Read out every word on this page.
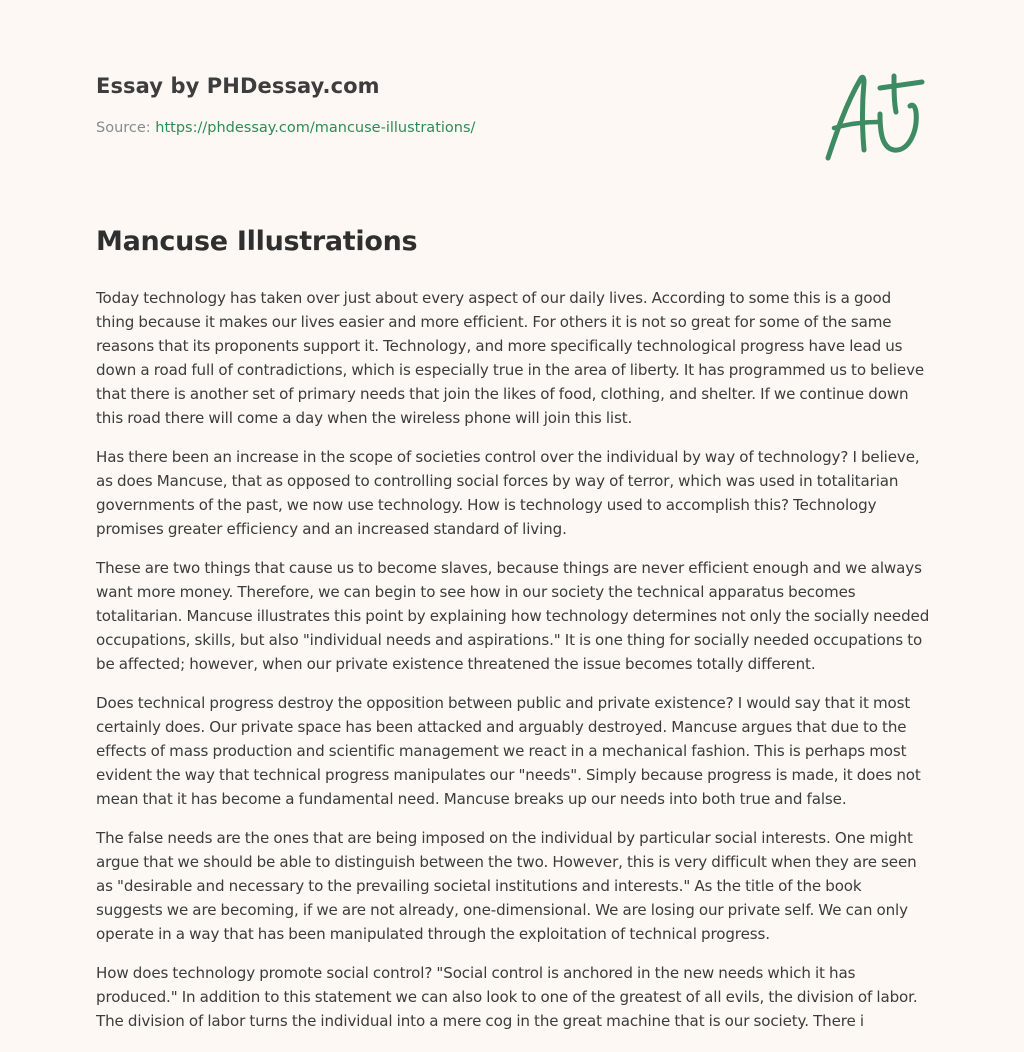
Essay by PHDessay.com
Source: https://phdessay.com/mancuse-illustrations/
Mancuse Illustrations

Today technology has taken over just about every aspect of our daily lives. According to some this is a good thing because it makes our lives easier and more efficient. For others it is not so great for some of the same reasons that its proponents support it. Technology, and more specifically technological progress have lead us down a road full of contradictions, which is especially true in the area of liberty. It has programmed us to believe that there is another set of primary needs that join the likes of food, clothing, and shelter. If we continue down this road there will come a day when the wireless phone will join this list.

Has there been an increase in the scope of societies control over the individual by way of technology? I believe, as does Mancuse, that as opposed to controlling social forces by way of terror, which was used in totalitarian governments of the past, we now use technology. How is technology used to accomplish this? Technology promises greater efficiency and an increased standard of living.

These are two things that cause us to become slaves, because things are never efficient enough and we always want more money. Therefore, we can begin to see how in our society the technical apparatus becomes totalitarian. Mancuse illustrates this point by explaining how technology determines not only the socially needed occupations, skills, but also "individual needs and aspirations." It is one thing for socially needed occupations to be affected; however, when our private existence threatened the issue becomes totally different.

Does technical progress destroy the opposition between public and private existence? I would say that it most certainly does. Our private space has been attacked and arguably destroyed. Mancuse argues that due to the effects of mass production and scientific management we react in a mechanical fashion. This is perhaps most evident the way that technical progress manipulates our "needs". Simply because progress is made, it does not mean that it has become a fundamental need. Mancuse breaks up our needs into both true and false.

The false needs are the ones that are being imposed on the individual by particular social interests. One might argue that we should be able to distinguish between the two. However, this is very difficult when they are seen as "desirable and necessary to the prevailing societal institutions and interests." As the title of the book suggests we are becoming, if we are not already, one-dimensional. We are losing our private self. We can only operate in a way that has been manipulated through the exploitation of technical progress.

How does technology promote social control? "Social control is anchored in the new needs which it has produced." In addition to this statement we can also look to one of the greatest of all evils, the division of labor. The division of labor turns the individual into a mere cog in the great machine that is our society. There i
